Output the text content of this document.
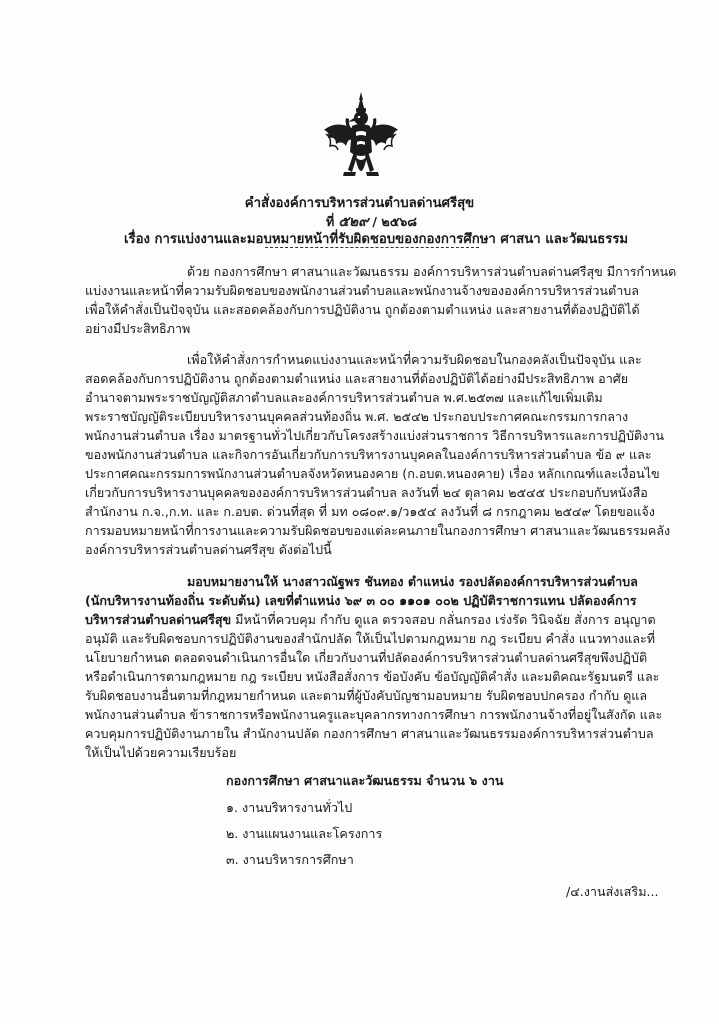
คำสั่งองค์การบริหารส่วนตำบลด่านศรีสุข
ที่ ๕๒๙ / ๒๕๖๘
เรื่อง การแบ่งงานและมอบหมายหน้าที่รับผิดชอบของกองการศึกษา ศาสนา และวัฒนธรรม
ด้วย กองการศึกษา ศาสนาและวัฒนธรรม องค์การบริหารส่วนตำบลด่านศรีสุข มีการกำหนด
แบ่งงานและหน้าที่ความรับผิดชอบของพนักงานส่วนตำบลและพนักงานจ้างขององค์การบริหารส่วนตำบล
เพื่อให้คำสั่งเป็นปัจจุบัน และสอดคล้องกับการปฏิบัติงาน ถูกต้องตามตำแหน่ง และสายงานที่ต้องปฏิบัติได้
อย่างมีประสิทธิภาพ
เพื่อให้คำสั่งการกำหนดแบ่งงานและหน้าที่ความรับผิดชอบในกองคลังเป็นปัจจุบัน และ
สอดคล้องกับการปฏิบัติงาน ถูกต้องตามตำแหน่ง และสายงานที่ต้องปฏิบัติได้อย่างมีประสิทธิภาพ อาศัย
อำนาจตามพระราชบัญญัติสภาตำบลและองค์การบริหารส่วนตำบล พ.ศ.๒๕๓๗ และแก้ไขเพิ่มเติม
พระราชบัญญัติระเบียบบริหารงานบุคคลส่วนท้องถิ่น พ.ศ. ๒๕๔๒ ประกอบประกาศคณะกรรมการกลาง
พนักงานส่วนตำบล เรื่อง มาตรฐานทั่วไปเกี่ยวกับโครงสร้างแบ่งส่วนราชการ วิธีการบริหารและการปฏิบัติงาน
ของพนักงานส่วนตำบล และกิจการอันเกี่ยวกับการบริหารงานบุคคลในองค์การบริหารส่วนตำบล ข้อ ๙ และ
ประกาศคณะกรรมการพนักงานส่วนตำบลจังหวัดหนองคาย (ก.อบต.หนองคาย) เรื่อง หลักเกณฑ์และเงื่อนไข
เกี่ยวกับการบริหารงานบุคคลขององค์การบริหารส่วนตำบล ลงวันที่ ๒๔ ตุลาคม ๒๕๔๕ ประกอบกับหนังสือ
สำนักงาน ก.จ.,ก.ท. และ ก.อบต. ด่วนที่สุด ที่ มท ๐๘๐๙.๑/ว๑๕๔ ลงวันที่ ๘ กรกฎาคม ๒๕๔๙ โดยขอแจ้ง
การมอบหมายหน้าที่การงานและความรับผิดชอบของแต่ละคนภายในกองการศึกษา ศาสนาและวัฒนธรรมคลัง
องค์การบริหารส่วนตำบลด่านศรีสุข ดังต่อไปนี้
มอบหมายงานให้ นางสาวณัฐพร ชันทอง ตำแหน่ง รองปลัดองค์การบริหารส่วนตำบล
(นักบริหารงานท้องถิ่น ระดับต้น) เลขที่ตำแหน่ง ๖๙ ๓ ๐๐ ๑๑๐๑ ๐๐๒ ปฏิบัติราชการแทน ปลัดองค์การ
บริหารส่วนตำบลด่านศรีสุข มีหน้าที่ควบคุม กำกับ ดูแล ตรวจสอบ กลั่นกรอง เร่งรัด วินิจฉัย สั่งการ อนุญาต
อนุมัติ และรับผิดชอบการปฏิบัติงานของสำนักปลัด ให้เป็นไปตามกฎหมาย กฎ ระเบียบ คำสั่ง แนวทางและที่
นโยบายกำหนด ตลอดจนดำเนินการอื่นใด เกี่ยวกับงานที่ปลัดองค์การบริหารส่วนตำบลด่านศรีสุขพึงปฏิบัติ
หรือดำเนินการตามกฎหมาย กฎ ระเบียบ หนังสือสั่งการ ข้อบังคับ ข้อบัญญัติคำสั่ง และมติคณะรัฐมนตรี และ
รับผิดชอบงานอื่นตามที่กฎหมายกำหนด และตามที่ผู้บังคับบัญชามอบหมาย รับผิดชอบปกครอง กำกับ ดูแล
พนักงานส่วนตำบล ข้าราชการหรือพนักงานครูและบุคลากรทางการศึกษา การพนักงานจ้างที่อยู่ในสังกัด และ
ควบคุมการปฏิบัติงานภายใน สำนักงานปลัด กองการศึกษา ศาสนาและวัฒนธรรมองค์การบริหารส่วนตำบล
ให้เป็นไปด้วยความเรียบร้อย
กองการศึกษา ศาสนาและวัฒนธรรม จำนวน ๖ งาน
๑. งานบริหารงานทั่วไป
๒. งานแผนงานและโครงการ
๓. งานบริหารการศึกษา
/๔.งานส่งเสริม...
